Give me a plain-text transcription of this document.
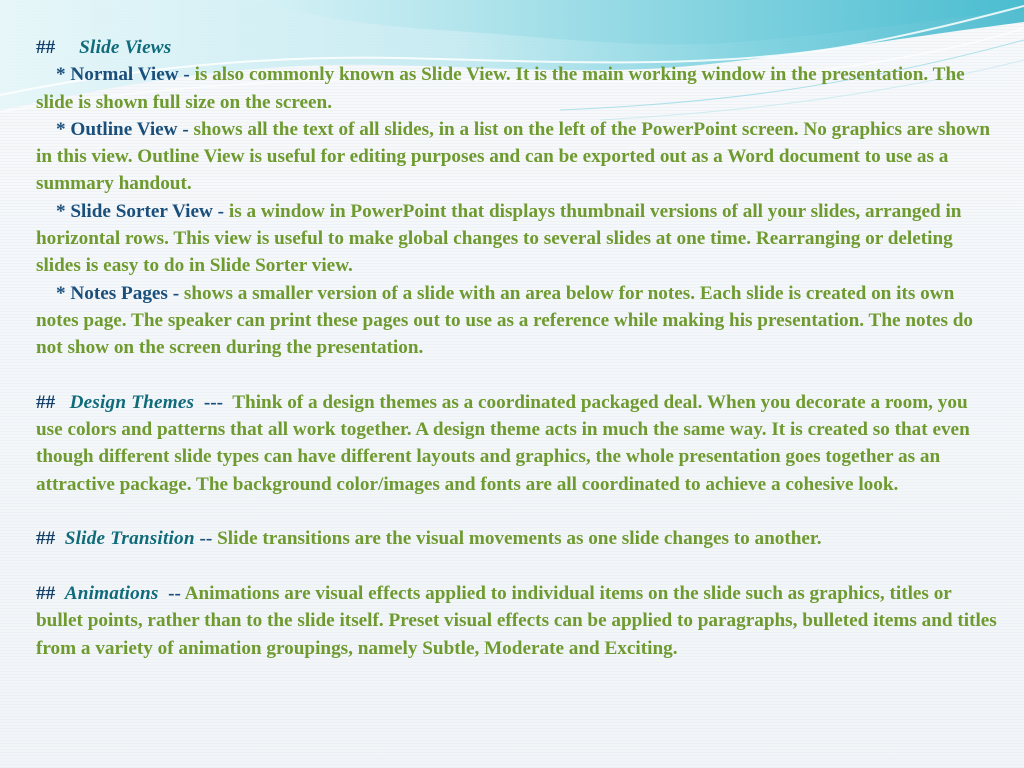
## Slide Views

* Normal View - is also commonly known as Slide View. It is the main working window in the presentation. The slide is shown full size on the screen.

* Outline View - shows all the text of all slides, in a list on the left of the PowerPoint screen. No graphics are shown in this view. Outline View is useful for editing purposes and can be exported out as a Word document to use as a summary handout.

* Slide Sorter View - is a window in PowerPoint that displays thumbnail versions of all your slides, arranged in horizontal rows. This view is useful to make global changes to several slides at one time. Rearranging or deleting slides is easy to do in Slide Sorter view.

* Notes Pages - shows a smaller version of a slide with an area below for notes. Each slide is created on its own notes page. The speaker can print these pages out to use as a reference while making his presentation. The notes do not show on the screen during the presentation.

## Design Themes --- Think of a design themes as a coordinated packaged deal. When you decorate a room, you use colors and patterns that all work together. A design theme acts in much the same way. It is created so that even though different slide types can have different layouts and graphics, the whole presentation goes together as an attractive package. The background color/images and fonts are all coordinated to achieve a cohesive look.

## Slide Transition -- Slide transitions are the visual movements as one slide changes to another.

## Animations -- Animations are visual effects applied to individual items on the slide such as graphics, titles or bullet points, rather than to the slide itself. Preset visual effects can be applied to paragraphs, bulleted items and titles from a variety of animation groupings, namely Subtle, Moderate and Exciting.
